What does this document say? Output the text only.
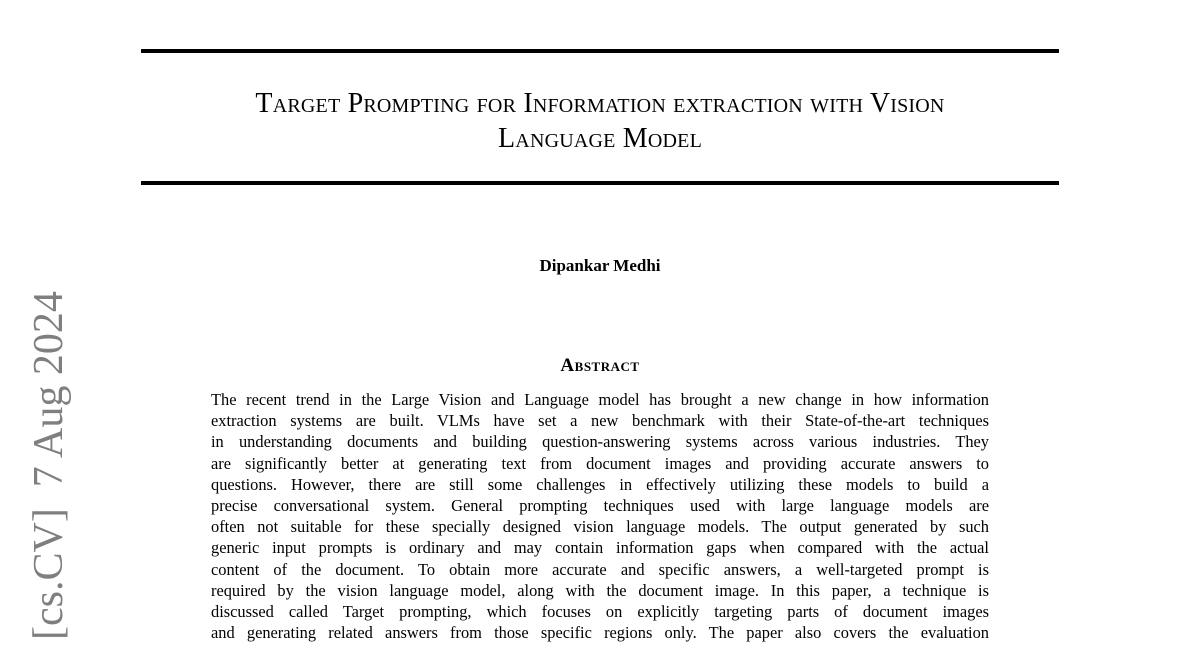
Target Prompting for Information extraction with Vision
Language Model
Dipankar Medhi
Abstract
The recent trend in the Large Vision and Language model has brought a new change in how information
extraction systems are built. VLMs have set a new benchmark with their State-of-the-art techniques
in understanding documents and building question-answering systems across various industries. They
are significantly better at generating text from document images and providing accurate answers to
questions. However, there are still some challenges in effectively utilizing these models to build a
precise conversational system. General prompting techniques used with large language models are
often not suitable for these specially designed vision language models. The output generated by such
generic input prompts is ordinary and may contain information gaps when compared with the actual
content of the document. To obtain more accurate and specific answers, a well-targeted prompt is
required by the vision language model, along with the document image. In this paper, a technique is
discussed called Target prompting, which focuses on explicitly targeting parts of document images
and generating related answers from those specific regions only. The paper also covers the evaluation
[cs.CV]  7 Aug 2024
